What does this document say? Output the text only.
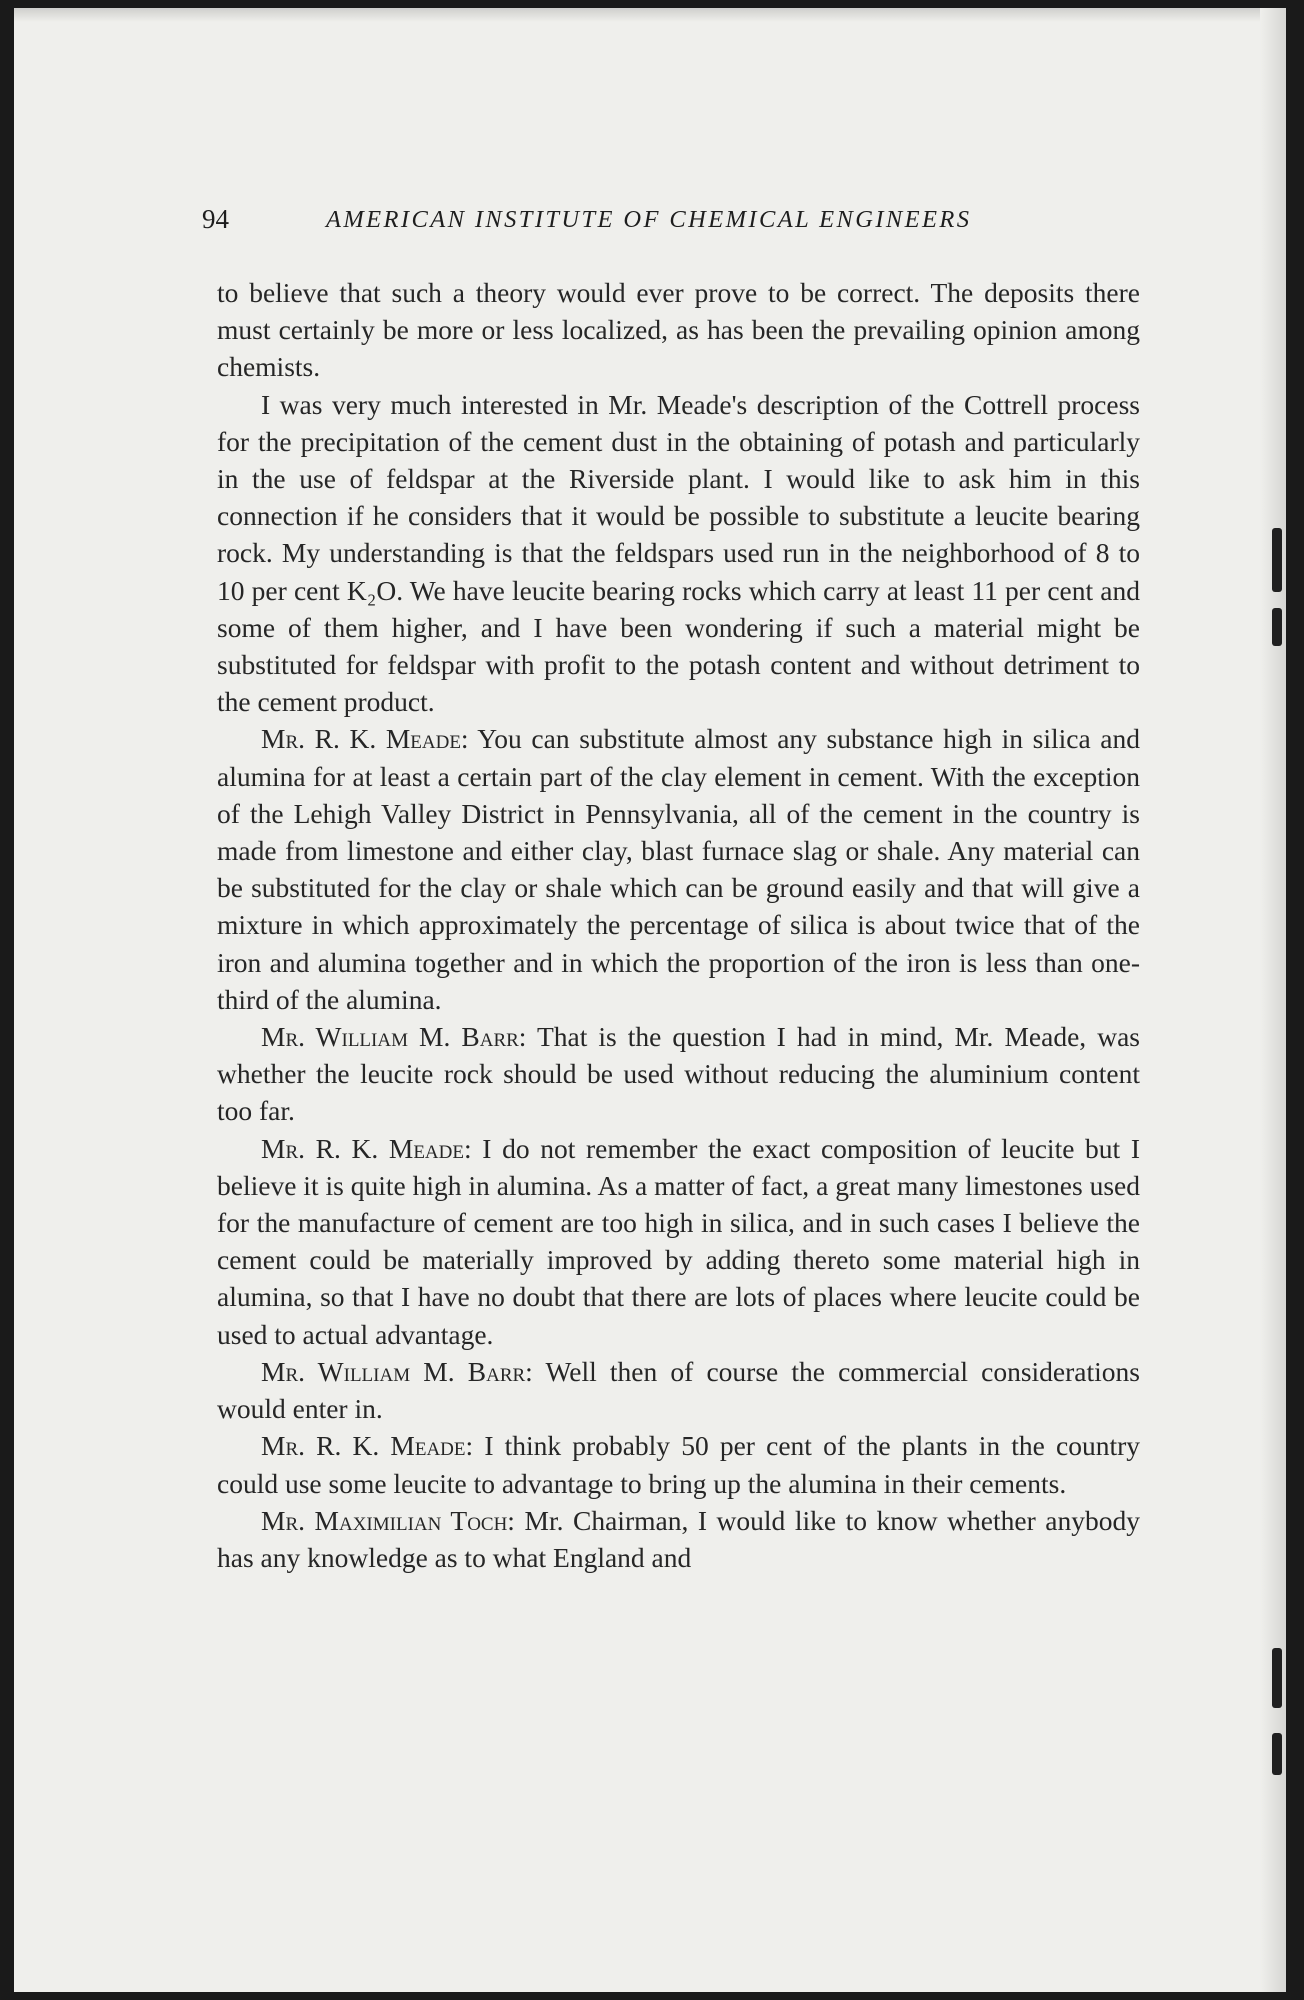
94	AMERICAN INSTITUTE OF CHEMICAL ENGINEERS

to believe that such a theory would ever prove to be correct. The deposits there must certainly be more or less localized, as has been the prevailing opinion among chemists.

I was very much interested in Mr. Meade's description of the Cottrell process for the precipitation of the cement dust in the obtaining of potash and particularly in the use of feldspar at the Riverside plant. I would like to ask him in this connection if he considers that it would be possible to substitute a leucite bearing rock. My understanding is that the feldspars used run in the neighborhood of 8 to 10 per cent K₂O. We have leucite bearing rocks which carry at least 11 per cent and some of them higher, and I have been wondering if such a material might be substituted for feldspar with profit to the potash content and without detriment to the cement product.

Mr. R. K. Meade: You can substitute almost any substance high in silica and alumina for at least a certain part of the clay element in cement. With the exception of the Lehigh Valley District in Pennsylvania, all of the cement in the country is made from limestone and either clay, blast furnace slag or shale. Any material can be substituted for the clay or shale which can be ground easily and that will give a mixture in which approximately the percentage of silica is about twice that of the iron and alumina together and in which the proportion of the iron is less than one-third of the alumina.

Mr. William M. Barr: That is the question I had in mind, Mr. Meade, was whether the leucite rock should be used without reducing the aluminium content too far.

Mr. R. K. Meade: I do not remember the exact composition of leucite but I believe it is quite high in alumina. As a matter of fact, a great many limestones used for the manufacture of cement are too high in silica, and in such cases I believe the cement could be materially improved by adding thereto some material high in alumina, so that I have no doubt that there are lots of places where leucite could be used to actual advantage.

Mr. William M. Barr: Well then of course the commercial considerations would enter in.

Mr. R. K. Meade: I think probably 50 per cent of the plants in the country could use some leucite to advantage to bring up the alumina in their cements.

Mr. Maximilian Toch: Mr. Chairman, I would like to know whether anybody has any knowledge as to what England and
